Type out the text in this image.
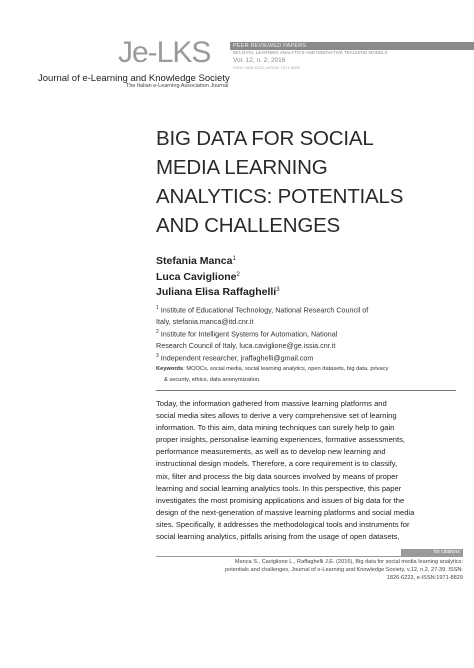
Je-LKS	PEER REVIEWED PAPERS
BIG DATA, LEARNING ANALYTICS AND INNOVATIVE TEACHING MODELS
Vol. 12, n. 2, 2016
ISSN: 1826-6223 | eISSN: 1971-8829
Journal of e-Learning and Knowledge Society
The Italian e-Learning Association Journal
BIG DATA FOR SOCIAL
MEDIA LEARNING
ANALYTICS: POTENTIALS
AND CHALLENGES
Stefania Manca$^1$
Luca Caviglione$^2$
Juliana Elisa Raffaghelli$^3$
$^1$ Institute of Educational Technology, National Research Council of
Italy, stefania.manca@itd.cnr.it
$^2$ Institute for Intelligent Systems for Automation, National
Research Council of Italy, luca.caviglione@ge.issia.cnr.it
$^3$ Independent researcher, jraffaghelli@gmail.com
Keywords: MOOCs, social media, social learning analytics, open datasets, big data, privacy
& security, ethics, data anonymization.
Today, the information gathered from massive learning platforms and
social media sites allows to derive a very comprehensive set of learning
information. To this aim, data mining techniques can surely help to gain
proper insights, personalise learning experiences, formative assessments,
performance measurements, as well as to develop new learning and
instructional design models. Therefore, a core requirement is to classify,
mix, filter and process the big data sources involved by means of proper
learning and social learning analytics tools. In this perspective, this paper
investigates the most promising applications and issues of big data for the
design of the next-generation of massive learning platforms and social media
sites. Specifically, it addresses the methodological tools and instruments for
social learning analytics, pitfalls arising from the usage of open datasets,
for citations:
Manca S., Caviglione L., Raffaghelli J.E. (2016), Big data for social media learning analytics:
potentials and challenges, Journal of e-Learning and Knowledge Society, v.12, n.2, 27-39. ISSN:
1826-6223, e-ISSN:1971-8829
